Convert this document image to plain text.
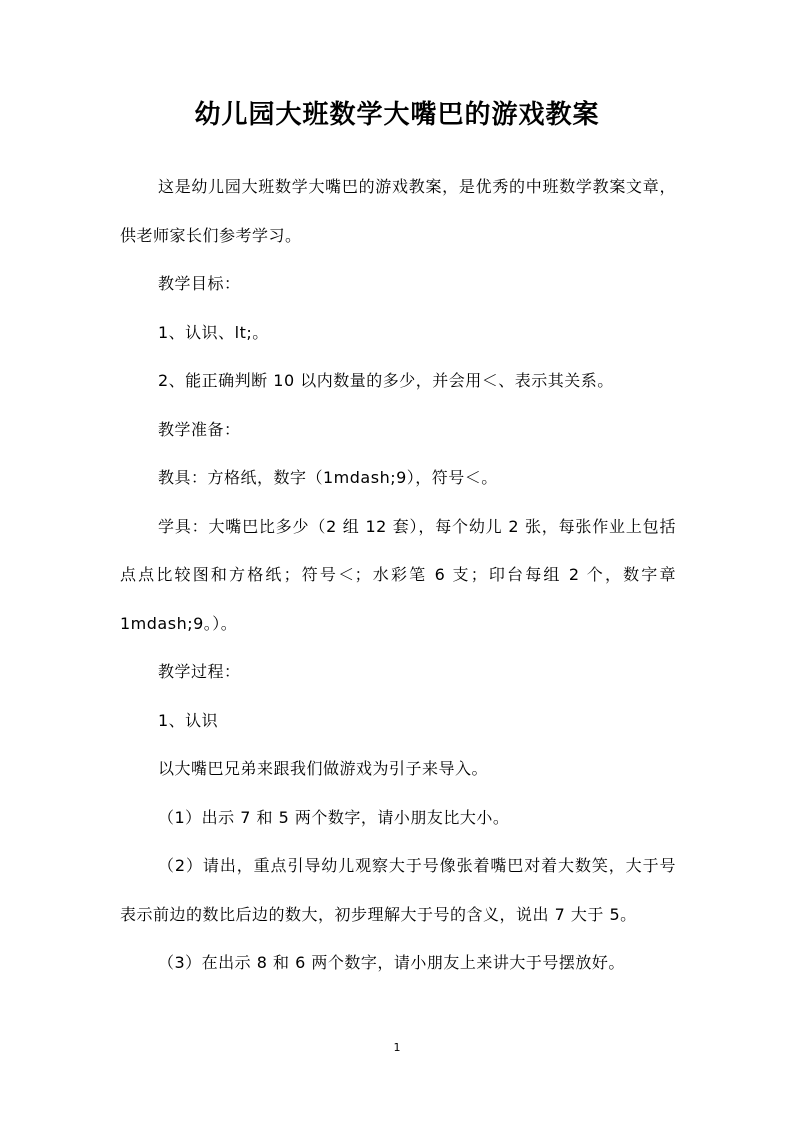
幼儿园大班数学大嘴巴的游戏教案

这是幼儿园大班数学大嘴巴的游戏教案，是优秀的中班数学教案文章，供老师家长们参考学习。

教学目标：

1、认识、lt;。

2、能正确判断 10 以内数量的多少，并会用＜、表示其关系。

教学准备：

教具：方格纸，数字（1mdash;9），符号＜。

学具：大嘴巴比多少（2 组 12 套），每个幼儿 2 张，每张作业上包括点点比较图和方格纸；符号＜；水彩笔 6 支；印台每组 2 个，数字章 1mdash;9。）。

教学过程：

1、认识

以大嘴巴兄弟来跟我们做游戏为引子来导入。

（1）出示 7 和 5 两个数字，请小朋友比大小。

（2）请出，重点引导幼儿观察大于号像张着嘴巴对着大数笑，大于号表示前边的数比后边的数大，初步理解大于号的含义，说出 7 大于 5。

（3）在出示 8 和 6 两个数字，请小朋友上来讲大于号摆放好。

1
